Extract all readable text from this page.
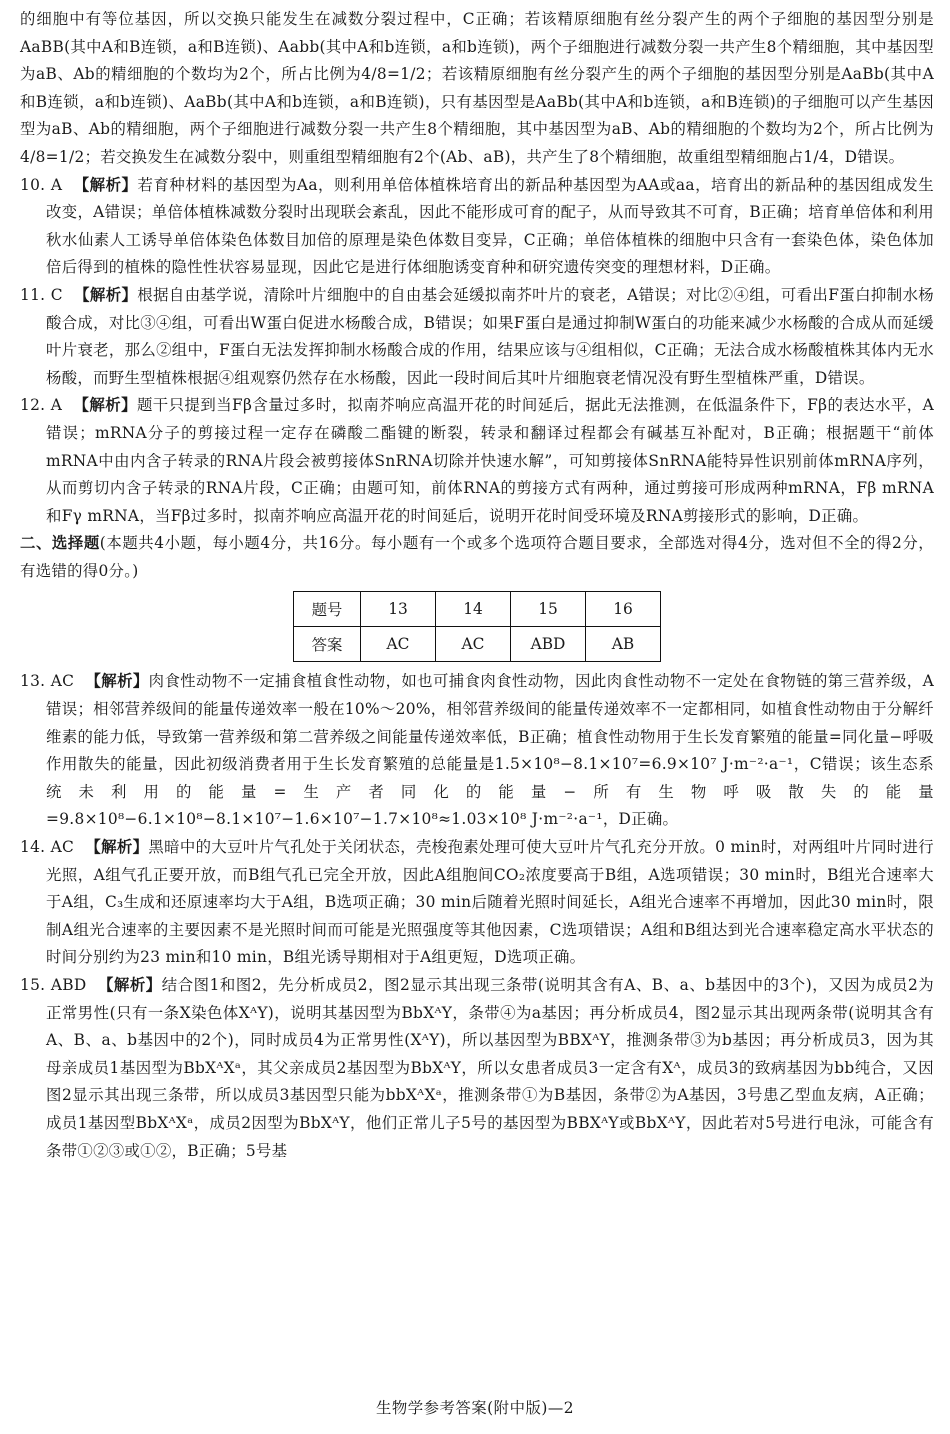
的细胞中有等位基因，所以交换只能发生在减数分裂过程中，C正确；若该精原细胞有丝分裂产生的两个子细胞的基因型分别是AaBB(其中A和B连锁，a和B连锁)、Aabb(其中A和b连锁，a和b连锁)，两个子细胞进行减数分裂一共产生8个精细胞，其中基因型为aB、Ab的精细胞的个数均为2个，所占比例为4/8=1/2；若该精原细胞有丝分裂产生的两个子细胞的基因型分别是AaBb(其中A和B连锁，a和b连锁)、AaBb(其中A和b连锁，a和B连锁)，只有基因型是AaBb(其中A和b连锁，a和B连锁)的子细胞可以产生基因型为aB、Ab的精细胞，两个子细胞进行减数分裂一共产生8个精细胞，其中基因型为aB、Ab的精细胞的个数均为2个，所占比例为4/8=1/2；若交换发生在减数分裂中，则重组型精细胞有2个(Ab、aB)，共产生了8个精细胞，故重组型精细胞占1/4，D错误。

10. A 【解析】若育种材料的基因型为Aa，则利用单倍体植株培育出的新品种基因型为AA或aa，培育出的新品种的基因组成发生改变，A错误；单倍体植株减数分裂时出现联会紊乱，因此不能形成可育的配子，从而导致其不可育，B正确；培育单倍体和利用秋水仙素人工诱导单倍体染色体数目加倍的原理是染色体数目变异，C正确；单倍体植株的细胞中只含有一套染色体，染色体加倍后得到的植株的隐性性状容易显现，因此它是进行体细胞诱变育种和研究遗传突变的理想材料，D正确。

11. C 【解析】根据自由基学说，清除叶片细胞中的自由基会延缓拟南芥叶片的衰老，A错误；对比②④组，可看出F蛋白抑制水杨酸合成，对比③④组，可看出W蛋白促进水杨酸合成，B错误；如果F蛋白是通过抑制W蛋白的功能来减少水杨酸的合成从而延缓叶片衰老，那么②组中，F蛋白无法发挥抑制水杨酸合成的作用，结果应该与④组相似，C正确；无法合成水杨酸植株其体内无水杨酸，而野生型植株根据④组观察仍然存在水杨酸，因此一段时间后其叶片细胞衰老情况没有野生型植株严重，D错误。

12. A 【解析】题干只提到当Fβ含量过多时，拟南芥响应高温开花的时间延后，据此无法推测，在低温条件下，Fβ的表达水平，A错误；mRNA分子的剪接过程一定存在磷酸二酯键的断裂，转录和翻译过程都会有碱基互补配对，B正确；根据题干“前体mRNA中由内含子转录的RNA片段会被剪接体SnRNA切除并快速水解”，可知剪接体SnRNA能特异性识别前体mRNA序列，从而剪切内含子转录的RNA片段，C正确；由题可知，前体RNA的剪接方式有两种，通过剪接可形成两种mRNA，Fβ mRNA和Fγ mRNA，当Fβ过多时，拟南芥响应高温开花的时间延后，说明开花时间受环境及RNA剪接形式的影响，D正确。

二、选择题(本题共4小题，每小题4分，共16分。每小题有一个或多个选项符合题目要求，全部选对得4分，选对但不全的得2分，有选错的得0分。)

题号	13	14	15	16
答案	AC	AC	ABD	AB

13. AC 【解析】肉食性动物不一定捕食植食性动物，如也可捕食肉食性动物，因此肉食性动物不一定处在食物链的第三营养级，A错误；相邻营养级间的能量传递效率一般在10%～20%，相邻营养级间的能量传递效率不一定都相同，如植食性动物由于分解纤维素的能力低，导致第一营养级和第二营养级之间能量传递效率低，B正确；植食性动物用于生长发育繁殖的能量=同化量−呼吸作用散失的能量，因此初级消费者用于生长发育繁殖的总能量是1.5×10⁸−8.1×10⁷=6.9×10⁷ J·m⁻²·a⁻¹，C错误；该生态系统未利用的能量=生产者同化的能量−所有生物呼吸散失的能量=9.8×10⁸−6.1×10⁸−8.1×10⁷−1.6×10⁷−1.7×10⁸≈1.03×10⁸ J·m⁻²·a⁻¹，D正确。

14. AC 【解析】黑暗中的大豆叶片气孔处于关闭状态，壳梭孢素处理可使大豆叶片气孔充分开放。0 min时，对两组叶片同时进行光照，A组气孔正要开放，而B组气孔已完全开放，因此A组胞间CO₂浓度要高于B组，A选项错误；30 min时，B组光合速率大于A组，C₃生成和还原速率均大于A组，B选项正确；30 min后随着光照时间延长，A组光合速率不再增加，因此30 min时，限制A组光合速率的主要因素不是光照时间而可能是光照强度等其他因素，C选项错误；A组和B组达到光合速率稳定高水平状态的时间分别约为23 min和10 min，B组光诱导期相对于A组更短，D选项正确。

15. ABD 【解析】结合图1和图2，先分析成员2，图2显示其出现三条带(说明其含有A、B、a、b基因中的3个)，又因为成员2为正常男性(只有一条X染色体XᴬY)，说明其基因型为BbXᴬY，条带④为a基因；再分析成员4，图2显示其出现两条带(说明其含有A、B、a、b基因中的2个)，同时成员4为正常男性(XᴬY)，所以基因型为BBXᴬY，推测条带③为b基因；再分析成员3，因为其母亲成员1基因型为BbXᴬXᵃ，其父亲成员2基因型为BbXᴬY，所以女患者成员3一定含有Xᴬ，成员3的致病基因为bb纯合，又因图2显示其出现三条带，所以成员3基因型只能为bbXᴬXᵃ，推测条带①为B基因，条带②为A基因，3号患乙型血友病，A正确；成员1基因型BbXᴬXᵃ，成员2因型为BbXᴬY，他们正常儿子5号的基因型为BBXᴬY或BbXᴬY，因此若对5号进行电泳，可能含有条带①②③或①②，B正确；5号基

生物学参考答案(附中版)—2
